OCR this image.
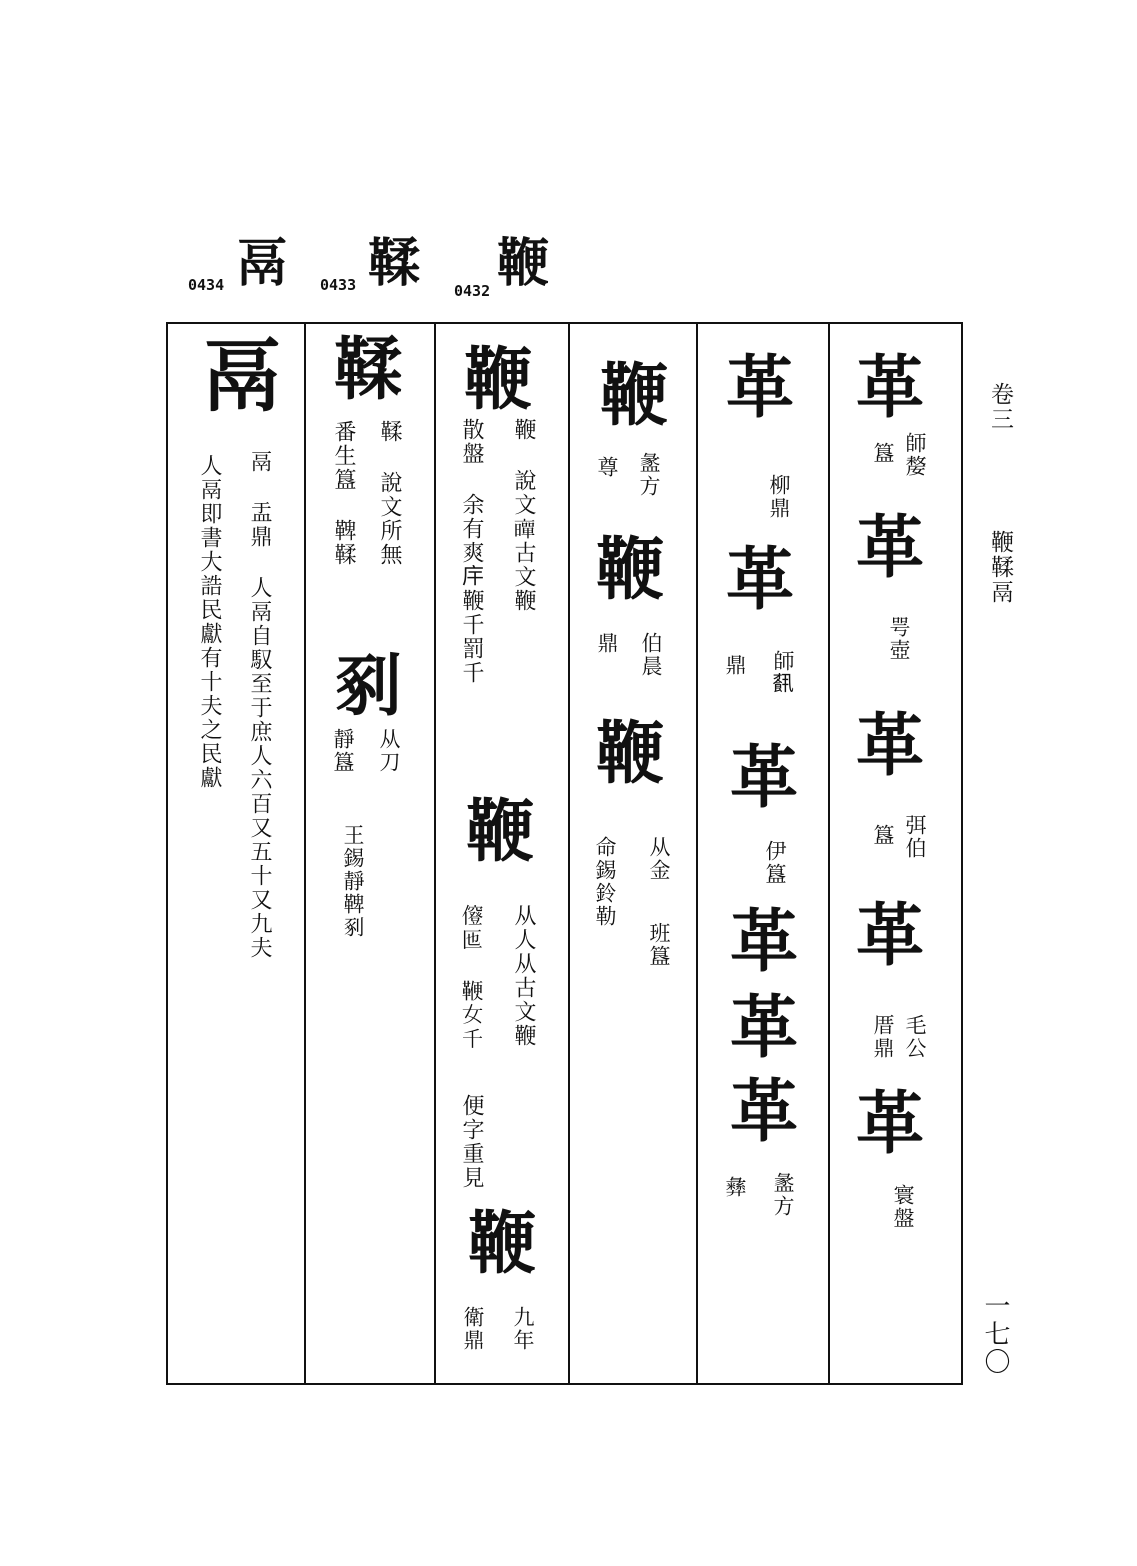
卷三
鞭鞣鬲
一七〇
0432 鞭
0433 鞣
0434 鬲
革
師嫠
簋
革
咢壺
革
弭伯
簋
革
毛公
厝鼎
革
寰盤
革
柳鼎
革
師𩛥
鼎
革
伊簋
革
革
革
盠方
彝
鞭
盠方
尊
鞭
伯晨
鼎
鞭
从金
班簋
命錫鈴勒
鞭
鞭 說文𠆛古文鞭
散盤 余有爽𢇛鞭千罰千
鞭
从人从古文鞭
𠑅匜 鞭女千
便字重見
鞭
九年
衛鼎
鞣
鞣 說文所無
番生簋 鞞鞣
剢
从刀
靜簋
王錫靜鞞剢
鬲
鬲 盂鼎 人鬲自馭至于庶人六百又五十又九夫
人鬲即書大誥民獻有十夫之民獻
